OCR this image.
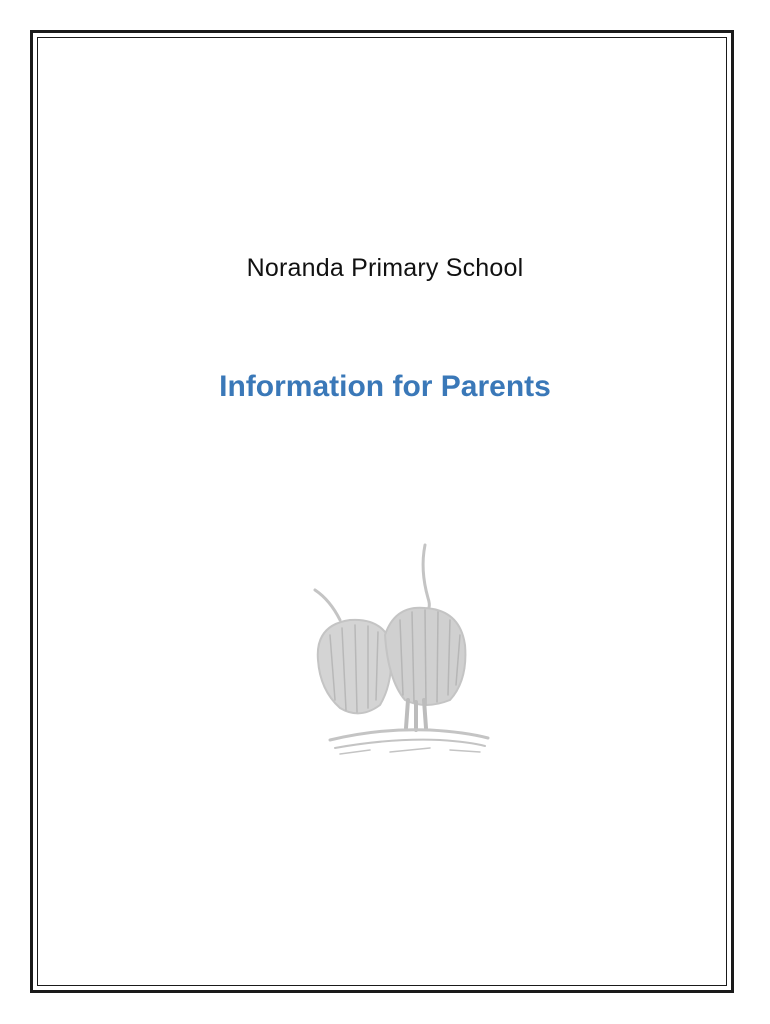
Noranda Primary School
Information for Parents
